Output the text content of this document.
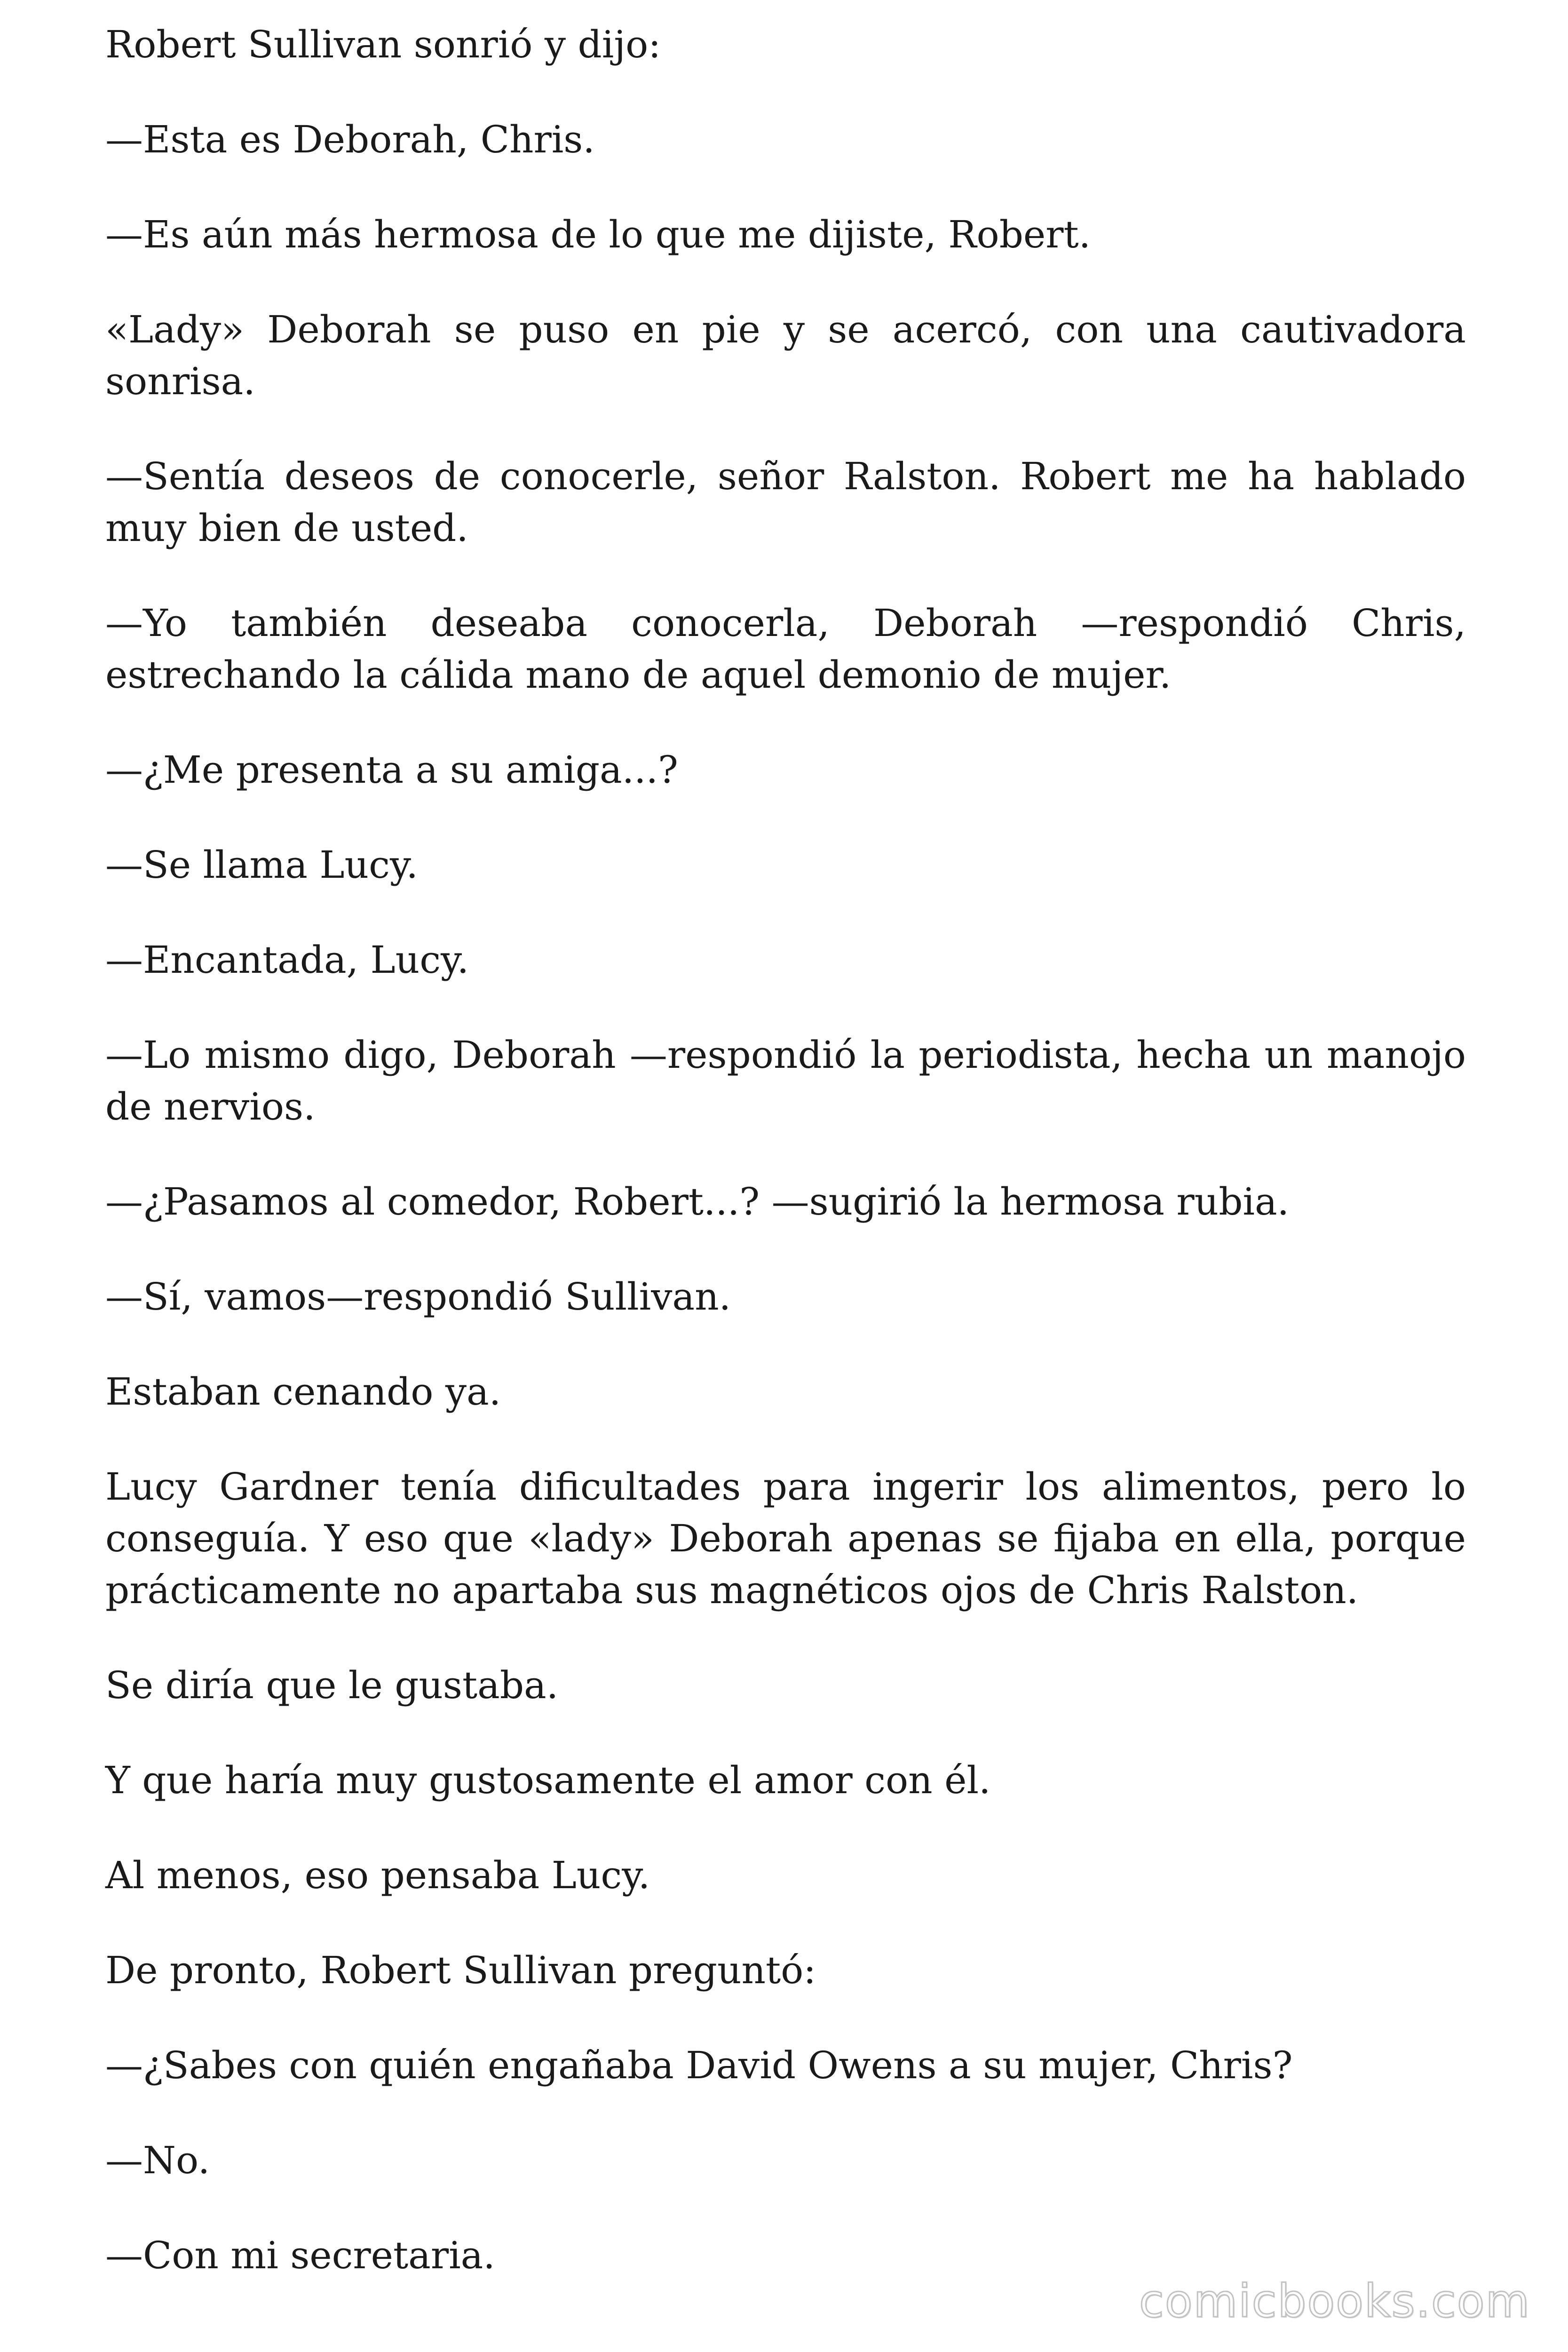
Robert Sullivan sonrió y dijo:

—Esta es Deborah, Chris.

—Es aún más hermosa de lo que me dijiste, Robert.

«Lady» Deborah se puso en pie y se acercó, con una cautivadora sonrisa.

—Sentía deseos de conocerle, señor Ralston. Robert me ha hablado muy bien de usted.

—Yo también deseaba conocerla, Deborah —respondió Chris, estrechando la cálida mano de aquel demonio de mujer.

—¿Me presenta a su amiga...?

—Se llama Lucy.

—Encantada, Lucy.

—Lo mismo digo, Deborah —respondió la periodista, hecha un manojo de nervios.

—¿Pasamos al comedor, Robert...? —sugirió la hermosa rubia.

—Sí, vamos—respondió Sullivan.

Estaban cenando ya.

Lucy Gardner tenía dificultades para ingerir los alimentos, pero lo conseguía. Y eso que «lady» Deborah apenas se fijaba en ella, porque prácticamente no apartaba sus magnéticos ojos de Chris Ralston.

Se diría que le gustaba.

Y que haría muy gustosamente el amor con él.

Al menos, eso pensaba Lucy.

De pronto, Robert Sullivan preguntó:

—¿Sabes con quién engañaba David Owens a su mujer, Chris?

—No.

—Con mi secretaria.

comicbooks.com
